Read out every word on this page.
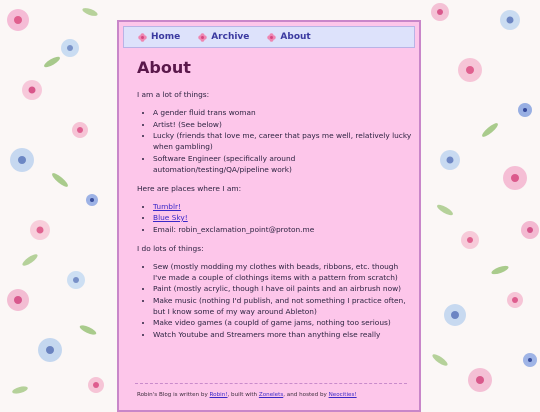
Home	Archive	About
About

I am a lot of things:

• A gender fluid trans woman
• Artist! (See below)
• Lucky (friends that love me, career that pays me well, relatively lucky when gambling)
• Software Engineer (specifically around automation/testing/QA/pipeline work)

Here are places where I am:

• Tumblr!
• Blue Sky!
• Email: robin_exclamation_point@proton.me

I do lots of things:

• Sew (mostly modding my clothes with beads, ribbons, etc. though I've made a couple of clothings items with a pattern from scratch)
• Paint (mostly acrylic, though I have oil paints and an airbrush now)
• Make music (nothing I'd publish, and not something I practice often, but I know some of my way around Ableton)
• Make video games (a coupld of game jams, nothing too serious)
• Watch Youtube and Streamers more than anything else really
Robin's Blog is written by Robin!, built with Zonelets, and hosted by Neocities!
